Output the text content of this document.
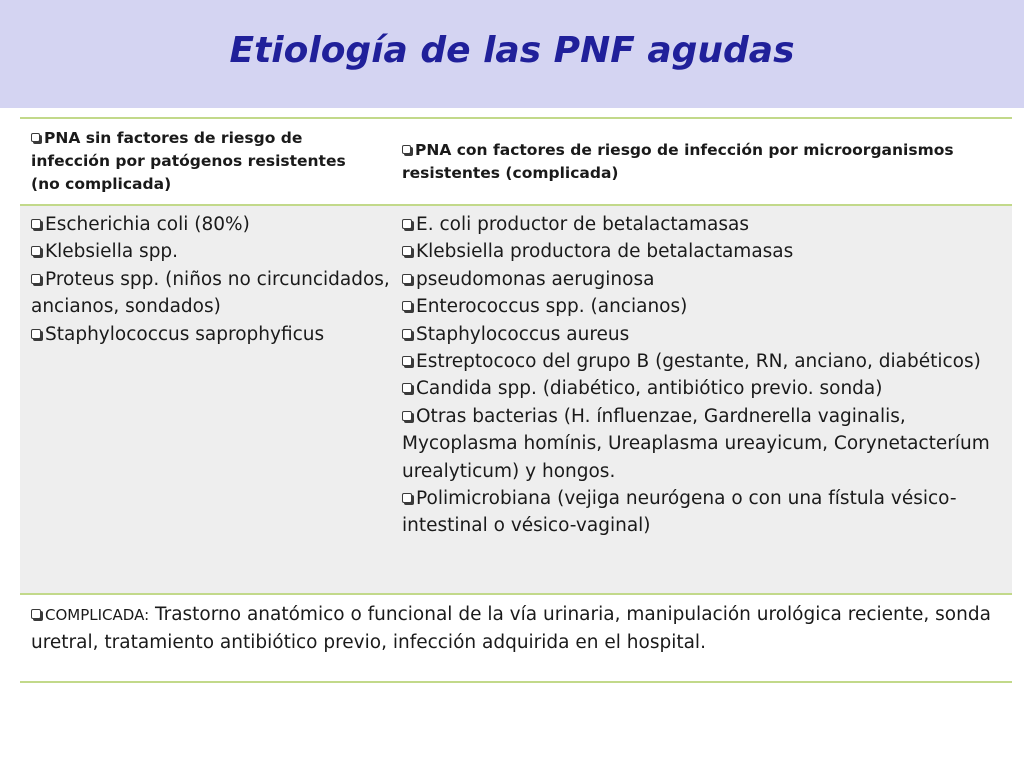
Etiología de las PNF agudas
PNA sin factores de riesgo de infección por patógenos resistentes (no complicada)
PNA con factores de riesgo de infección por microorganismos resistentes (complicada)
Escherichia coli (80%)
Klebsiella spp.
Proteus spp. (niños no circuncidados, ancianos, sondados)
Staphylococcus saprophyficus
E. coli productor de betalactamasas
Klebsiella productora de betalactamasas
pseudomonas aeruginosa
Enterococcus spp. (ancianos)
Staphylococcus aureus
Estreptococo del grupo B (gestante, RN, anciano, diabéticos)
Candida spp. (diabético, antibiótico previo. sonda)
Otras bacterias (H. ínfluenzae, Gardnerella vaginalis, Mycoplasma homínis, Ureaplasma ureayicum, Corynetacteríum urealyticum) y hongos.
Polimicrobiana (vejiga neurógena o con una fístula vésico-intestinal o vésico-vaginal)
COMPLICADA: Trastorno anatómico o funcional de la vía urinaria, manipulación urológica reciente, sonda uretral, tratamiento antibiótico previo, infección adquirida en el hospital.
